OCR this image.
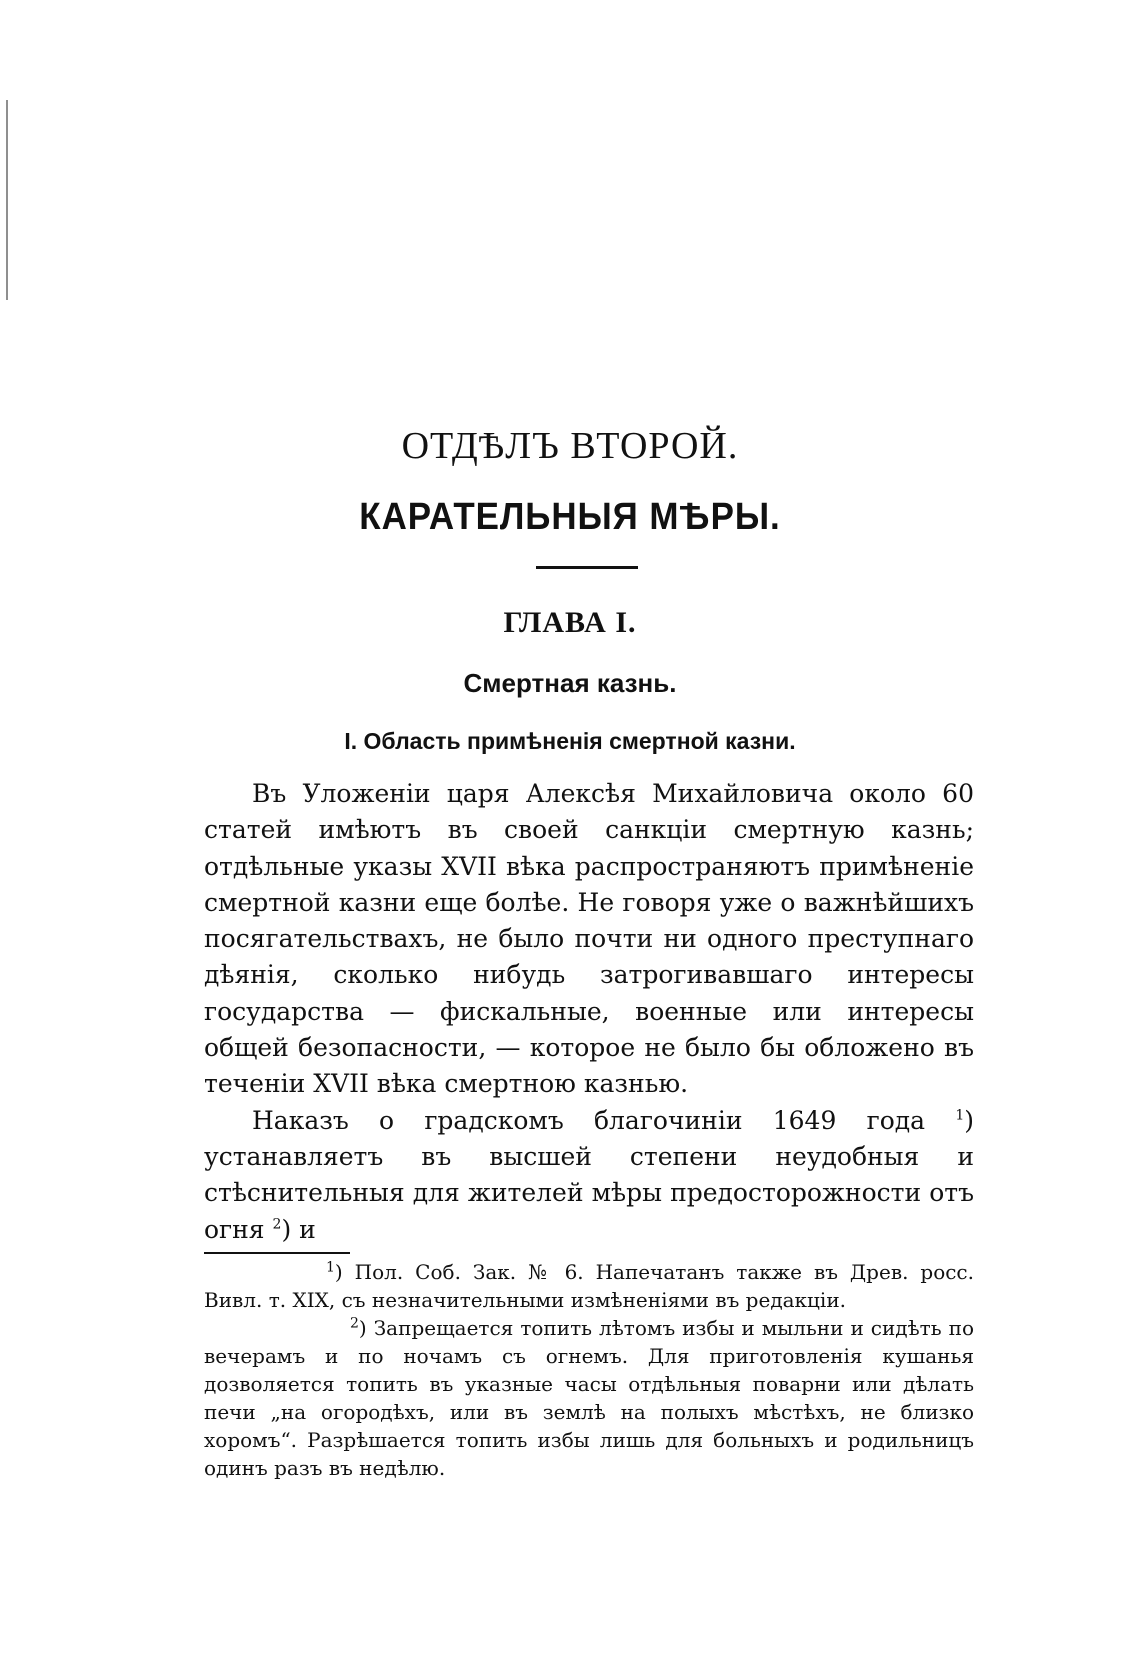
ОТДѢЛЪ ВТОРОЙ.
КАРАТЕЛЬНЫЯ МѢРЫ.
ГЛАВА I.
Смертная казнь.
I. Область примѣненія смертной казни.

Въ Уложеніи царя Алексѣя Михайловича около 60 статей имѣютъ въ своей санкціи смертную казнь; отдѣльные указы XVII вѣка распространяютъ примѣненіе смертной казни еще болѣе. Не говоря уже о важнѣйшихъ посягательствахъ, не было почти ни одного преступнаго дѣянія, сколько нибудь затрогивавшаго интересы государства — фискальные, военные или интересы общей безопасности, — которое не было бы обложено въ теченіи XVII вѣка смертною казнью.

Наказъ о градскомъ благочиніи 1649 года $^1$) устанавляетъ въ высшей степени неудобныя и стѣснительныя для жителей мѣры предосторожности отъ огня $^2$) и

$^1$) Пол. Соб. Зак. № 6. Напечатанъ также въ Древ. росс. Вивл. т. XIX, съ незначительными измѣненіями въ редакціи.

$^2$) Запрещается топить лѣтомъ избы и мыльни и сидѣть по вечерамъ и по ночамъ съ огнемъ. Для приготовленія кушанья дозволяется топить въ указные часы отдѣльныя поварни или дѣлать печи „на огородѣхъ, или въ землѣ на полыхъ мѣстѣхъ, не близко хоромъ“. Разрѣшается топить избы лишь для больныхъ и родильницъ одинъ разъ въ недѣлю.
